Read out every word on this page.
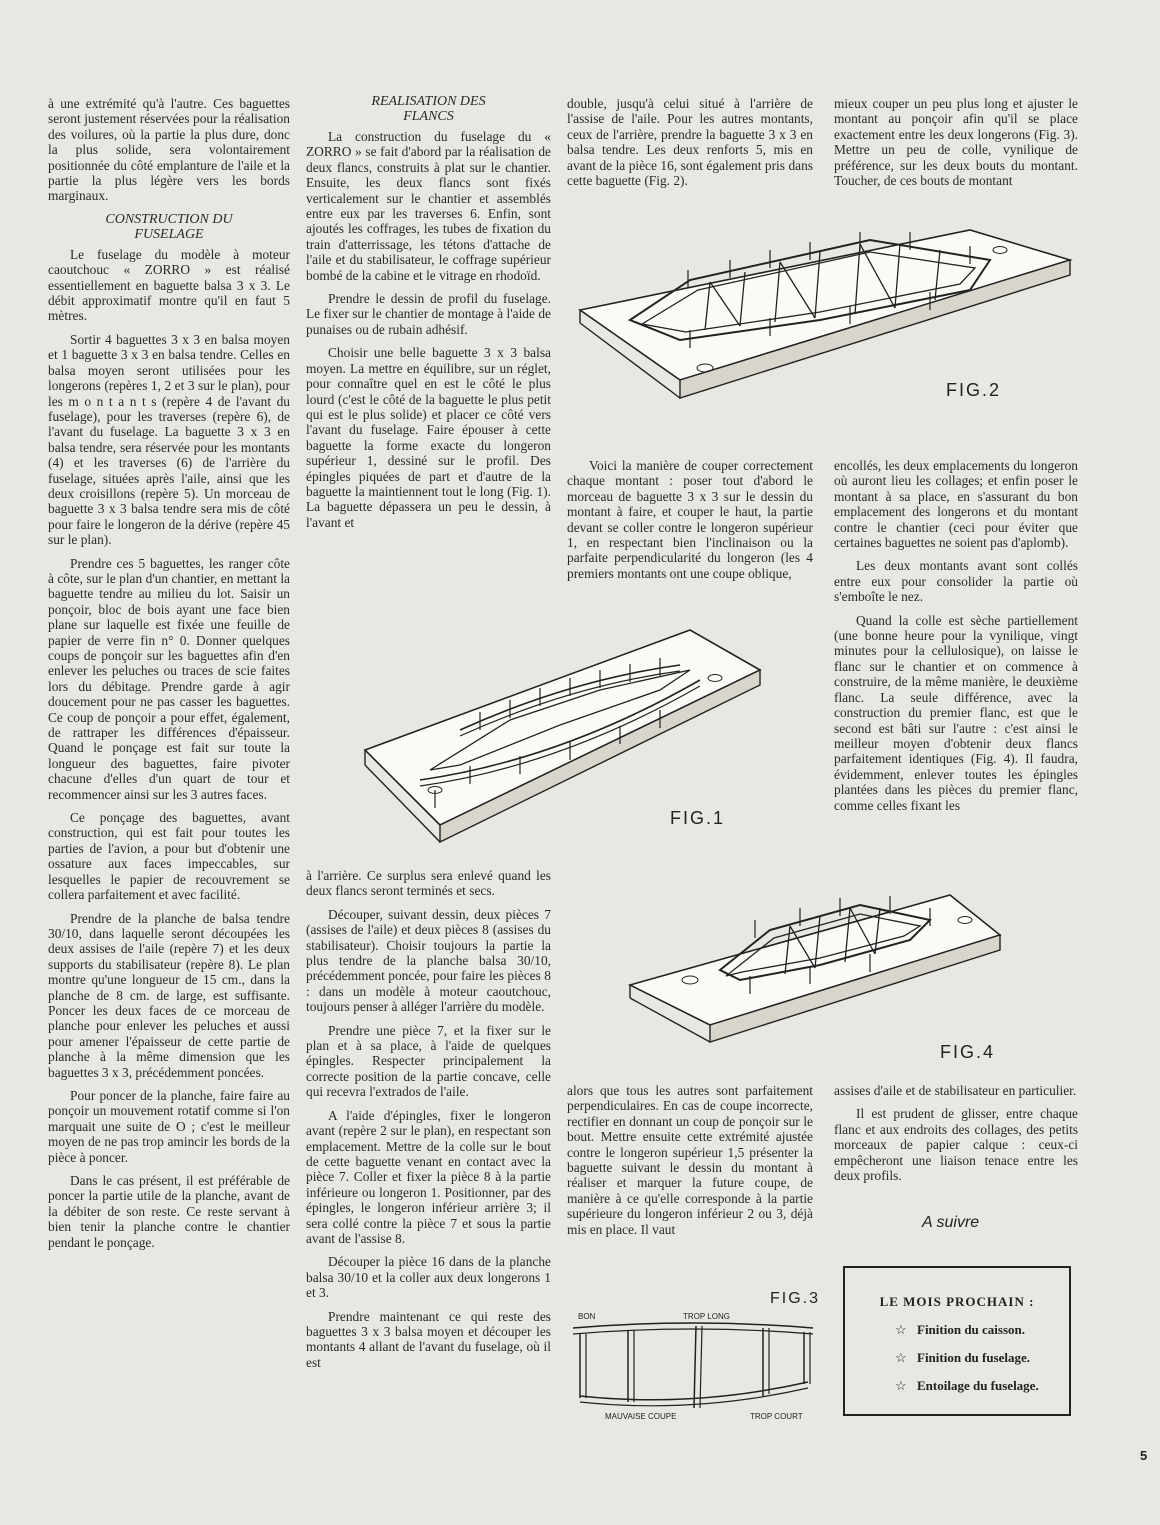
à une extrémité qu'à l'autre. Ces baguettes seront justement réservées pour la réalisation des voilures, où la partie la plus dure, donc la plus solide, sera volontairement positionnée du côté emplanture de l'aile et la partie la plus légère vers les bords marginaux.

CONSTRUCTION DU FUSELAGE

Le fuselage du modèle à moteur caoutchouc « ZORRO » est réalisé essentiellement en baguette balsa 3 x 3. Le débit approximatif montre qu'il en faut 5 mètres.

Sortir 4 baguettes 3 x 3 en balsa moyen et 1 baguette 3 x 3 en balsa tendre. Celles en balsa moyen seront utilisées pour les longerons (repères 1, 2 et 3 sur le plan), pour les m o n t a n t s (repère 4 de l'avant du fuselage), pour les traverses (repère 6), de l'avant du fuselage. La baguette 3 x 3 en balsa tendre, sera réservée pour les montants (4) et les traverses (6) de l'arrière du fuselage, situées après l'aile, ainsi que les deux croisillons (repère 5). Un morceau de baguette 3 x 3 balsa tendre sera mis de côté pour faire le longeron de la dérive (repère 45 sur le plan).

Prendre ces 5 baguettes, les ranger côte à côte, sur le plan d'un chantier, en mettant la baguette tendre au milieu du lot. Saisir un ponçoir, bloc de bois ayant une face bien plane sur laquelle est fixée une feuille de papier de verre fin n° 0. Donner quelques coups de ponçoir sur les baguettes afin d'en enlever les peluches ou traces de scie faites lors du débitage. Prendre garde à agir doucement pour ne pas casser les baguettes. Ce coup de ponçoir a pour effet, également, de rattraper les différences d'épaisseur. Quand le ponçage est fait sur toute la longueur des baguettes, faire pivoter chacune d'elles d'un quart de tour et recommencer ainsi sur les 3 autres faces.

Ce ponçage des baguettes, avant construction, qui est fait pour toutes les parties de l'avion, a pour but d'obtenir une ossature aux faces impeccables, sur lesquelles le papier de recouvrement se collera parfaitement et avec facilité.

Prendre de la planche de balsa tendre 30/10, dans laquelle seront découpées les deux assises de l'aile (repère 7) et les deux supports du stabilisateur (repère 8). Le plan montre qu'une longueur de 15 cm., dans la planche de 8 cm. de large, est suffisante. Poncer les deux faces de ce morceau de planche pour enlever les peluches et aussi pour amener l'épaisseur de cette partie de planche à la même dimension que les baguettes 3 x 3, précédemment poncées.

Pour poncer de la planche, faire faire au ponçoir un mouvement rotatif comme si l'on marquait une suite de O ; c'est le meilleur moyen de ne pas trop amincir les bords de la pièce à poncer.

Dans le cas présent, il est préférable de poncer la partie utile de la planche, avant de la débiter de son reste. Ce reste servant à bien tenir la planche contre le chantier pendant le ponçage.

REALISATION DES FLANCS

La construction du fuselage du « ZORRO » se fait d'abord par la réalisation de deux flancs, construits à plat sur le chantier. Ensuite, les deux flancs sont fixés verticalement sur le chantier et assemblés entre eux par les traverses 6. Enfin, sont ajoutés les coffrages, les tubes de fixation du train d'atterrissage, les tétons d'attache de l'aile et du stabilisateur, le coffrage supérieur bombé de la cabine et le vitrage en rhodoïd.

Prendre le dessin de profil du fuselage. Le fixer sur le chantier de montage à l'aide de punaises ou de rubain adhésif.

Choisir une belle baguette 3 x 3 balsa moyen. La mettre en équilibre, sur un réglet, pour connaître quel en est le côté le plus lourd (c'est le côté de la baguette le plus petit qui est le plus solide) et placer ce côté vers l'avant du fuselage. Faire épouser à cette baguette la forme exacte du longeron supérieur 1, dessiné sur le profil. Des épingles piquées de part et d'autre de la baguette la maintiennent tout le long (Fig. 1). La baguette dépassera un peu le dessin, à l'avant et

double, jusqu'à celui situé à l'arrière de l'assise de l'aile. Pour les autres montants, ceux de l'arrière, prendre la baguette 3 x 3 en balsa tendre. Les deux renforts 5, mis en avant de la pièce 16, sont également pris dans cette baguette (Fig. 2).

mieux couper un peu plus long et ajuster le montant au ponçoir afin qu'il se place exactement entre les deux longerons (Fig. 3). Mettre un peu de colle, vynilique de préférence, sur les deux bouts du montant. Toucher, de ces bouts de montant

FIG.2

Voici la manière de couper correctement chaque montant : poser tout d'abord le morceau de baguette 3 x 3 sur le dessin du montant à faire, et couper le haut, la partie devant se coller contre le longeron supérieur 1, en respectant bien l'inclinaison ou la parfaite perpendicularité du longeron (les 4 premiers montants ont une coupe oblique,

encollés, les deux emplacements du longeron où auront lieu les collages; et enfin poser le montant à sa place, en s'assurant du bon emplacement des longerons et du montant contre le chantier (ceci pour éviter que certaines baguettes ne soient pas d'aplomb).

Les deux montants avant sont collés entre eux pour consolider la partie où s'emboîte le nez.

Quand la colle est sèche partiellement (une bonne heure pour la vynilique, vingt minutes pour la cellulosique), on laisse le flanc sur le chantier et on commence à construire, de la même manière, le deuxième flanc. La seule différence, avec la construction du premier flanc, est que le second est bâti sur l'autre : c'est ainsi le meilleur moyen d'obtenir deux flancs parfaitement identiques (Fig. 4). Il faudra, évidemment, enlever toutes les épingles plantées dans les pièces du premier flanc, comme celles fixant les

FIG.1

à l'arrière. Ce surplus sera enlevé quand les deux flancs seront terminés et secs.

Découper, suivant dessin, deux pièces 7 (assises de l'aile) et deux pièces 8 (assises du stabilisateur). Choisir toujours la partie la plus tendre de la planche balsa 30/10, précédemment poncée, pour faire les pièces 8 : dans un modèle à moteur caoutchouc, toujours penser à alléger l'arrière du modèle.

Prendre une pièce 7, et la fixer sur le plan et à sa place, à l'aide de quelques épingles. Respecter principalement la correcte position de la partie concave, celle qui recevra l'extrados de l'aile.

A l'aide d'épingles, fixer le longeron avant (repère 2 sur le plan), en respectant son emplacement. Mettre de la colle sur le bout de cette baguette venant en contact avec la pièce 7. Coller et fixer la pièce 8 à la partie inférieure ou longeron 1. Positionner, par des épingles, le longeron inférieur arrière 3; il sera collé contre la pièce 7 et sous la partie avant de l'assise 8.

Découper la pièce 16 dans de la planche balsa 30/10 et la coller aux deux longerons 1 et 3.

Prendre maintenant ce qui reste des baguettes 3 x 3 balsa moyen et découper les montants 4 allant de l'avant du fuselage, où il est

FIG.4

alors que tous les autres sont parfaitement perpendiculaires. En cas de coupe incorrecte, rectifier en donnant un coup de ponçoir sur le bout. Mettre ensuite cette extrémité ajustée contre le longeron supérieur 1,5 présenter la baguette suivant le dessin du montant à réaliser et marquer la future coupe, de manière à ce qu'elle corresponde à la partie supérieure du longeron inférieur 2 ou 3, déjà mis en place. Il vaut

assises d'aile et de stabilisateur en particulier.

Il est prudent de glisser, entre chaque flanc et aux endroits des collages, des petits morceaux de papier calque : ceux-ci empêcheront une liaison tenace entre les deux profils.

A suivre
FIG.3
BON	TROP LONG
MAUVAISE COUPE	TROP COURT
LE MOIS PROCHAIN :
☆ Finition du caisson.
☆ Finition du fuselage.
☆ Entoilage du fuselage.
5
